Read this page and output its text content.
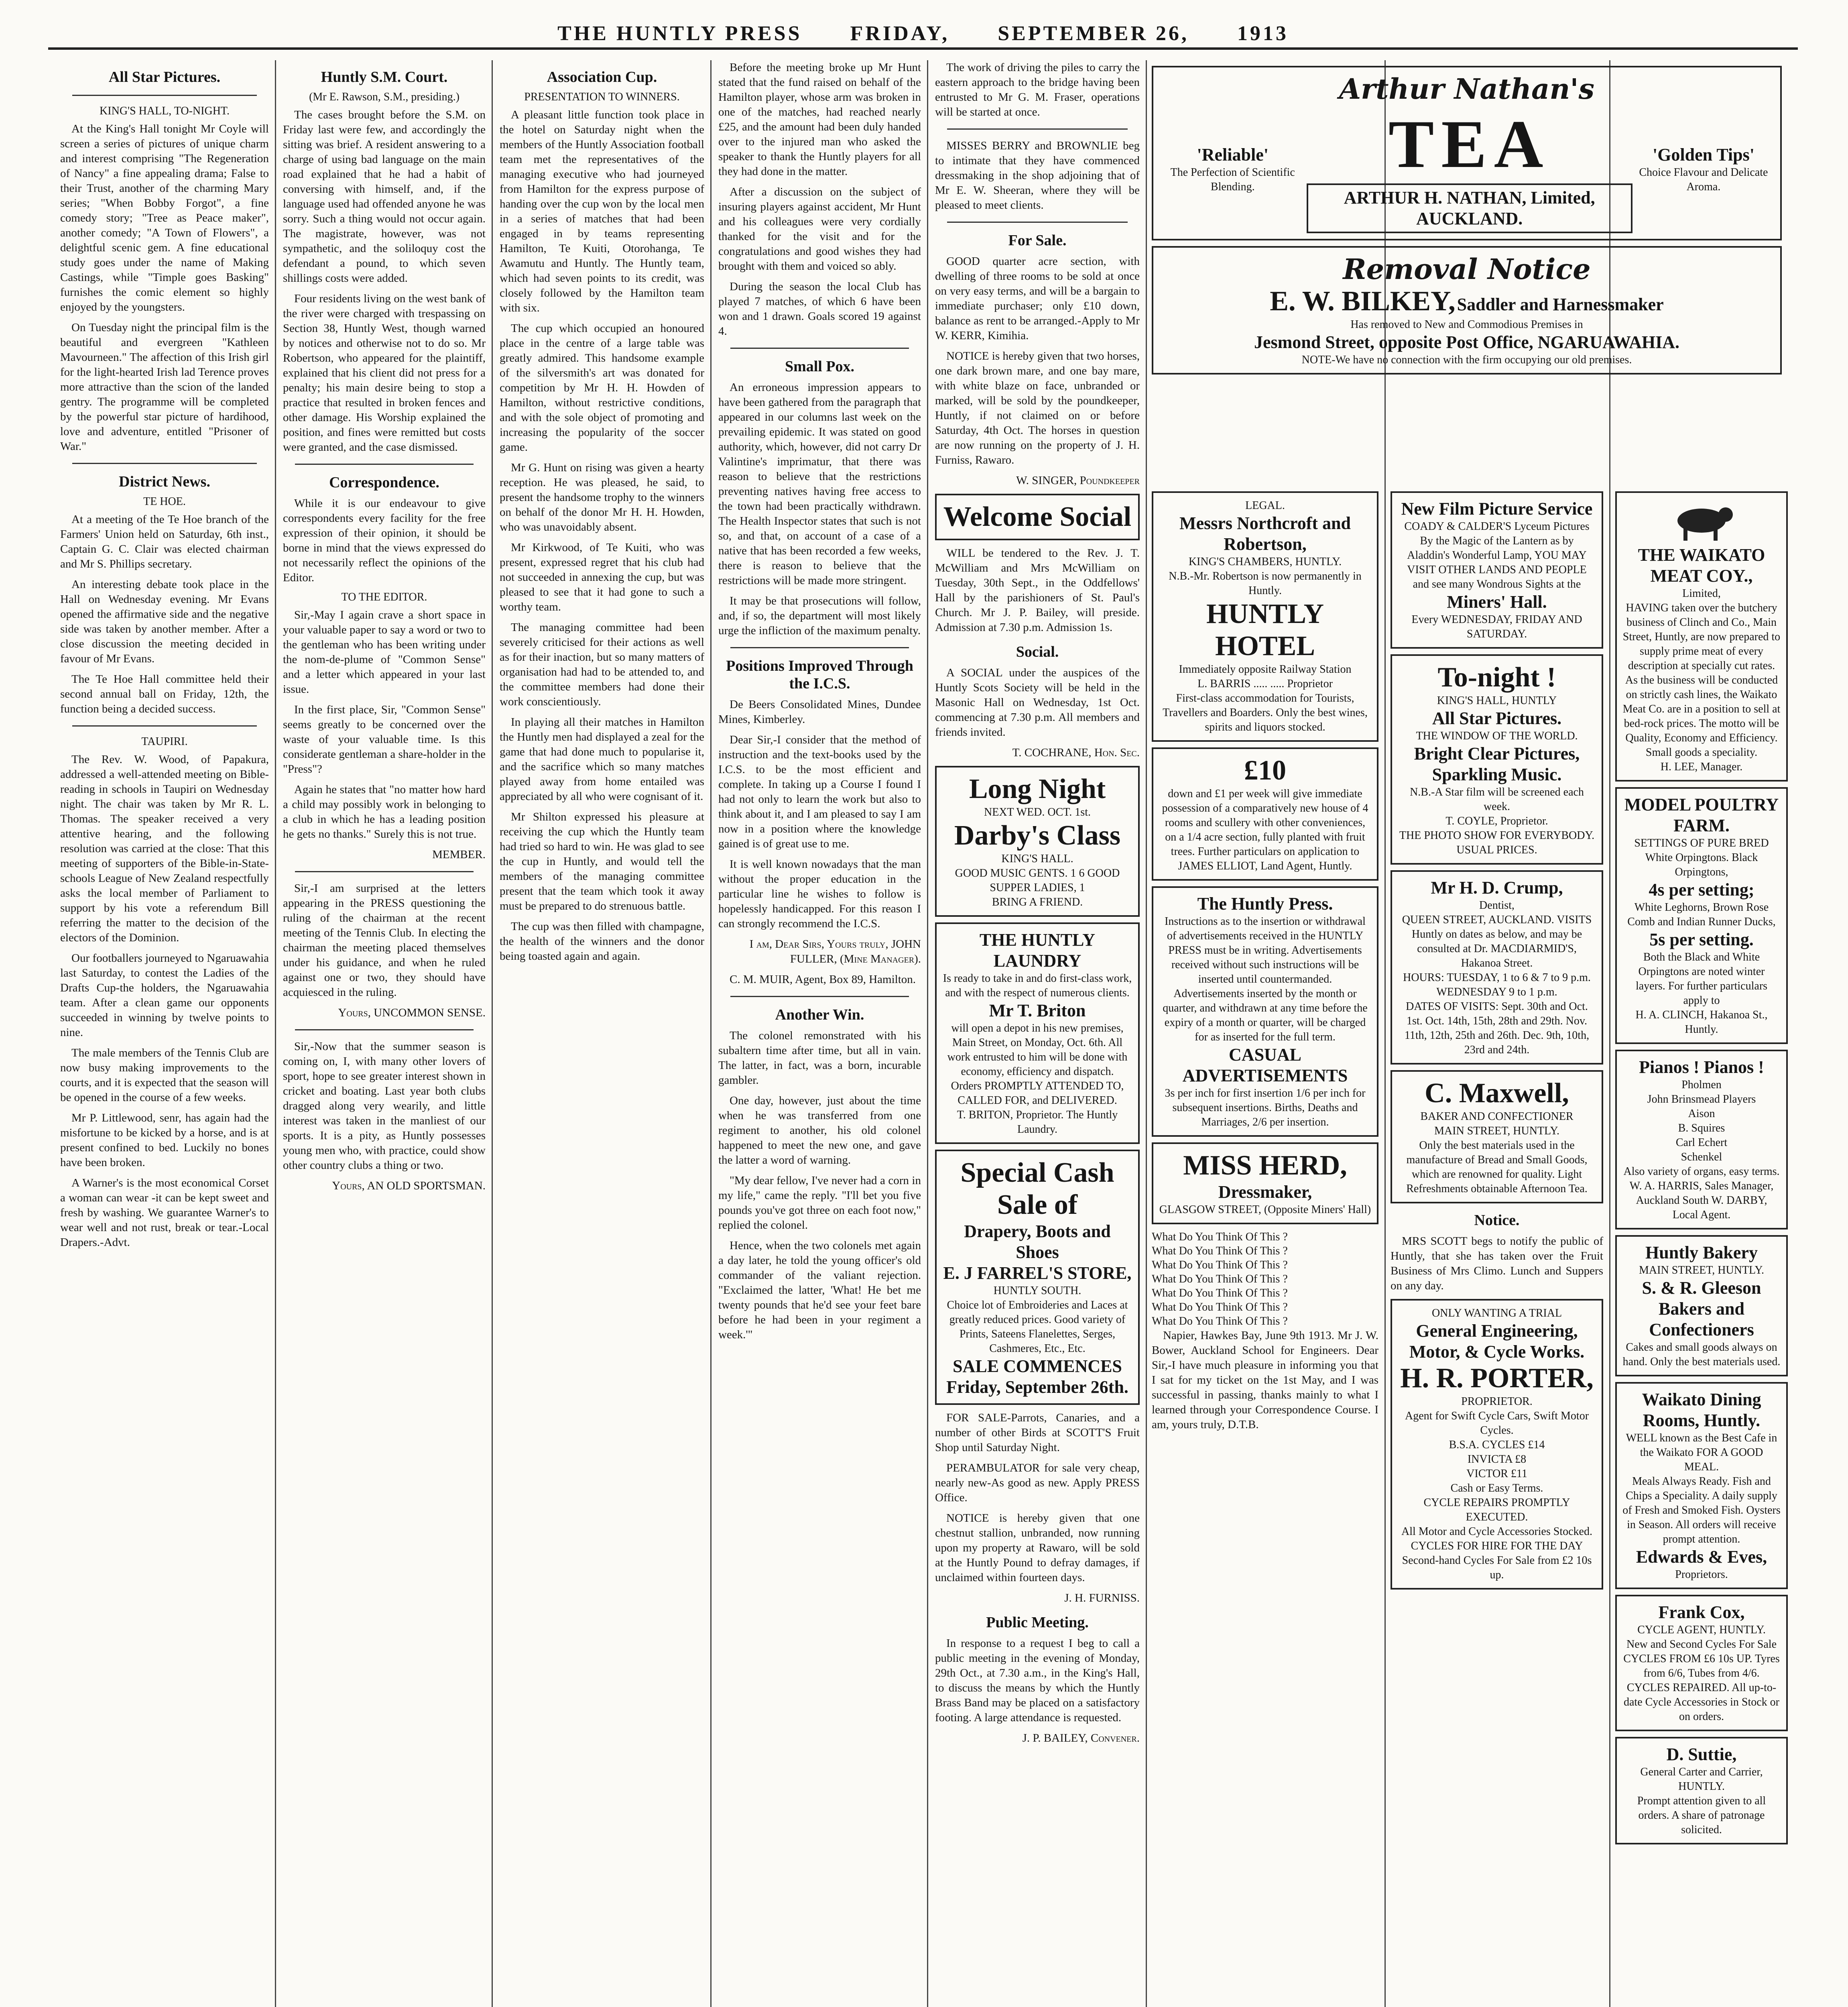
THE HUNTLY PRESS FRIDAY, SEPTEMBER 26, 1913
All Star Pictures.
KING'S HALL, TO-NIGHT.

At the King's Hall tonight Mr Coyle will screen a series of pictures of unique charm and interest comprising "The Regeneration of Nancy" a fine appealing drama; False to their Trust, another of the charming Mary series; "When Bobby Forgot", a fine comedy story; "Tree as Peace maker", another comedy; "A Town of Flowers", a delightful scenic gem. A fine educational study goes under the name of Making Castings, while "Timple goes Basking" furnishes the comic element so highly enjoyed by the youngsters.

On Tuesday night the principal film is the beautiful and evergreen "Kathleen Mavourneen." The affection of this Irish girl for the light-hearted Irish lad Terence proves more attractive than the scion of the landed gentry. The programme will be completed by the powerful star picture of hardihood, love and adventure, entitled "Prisoner of War."

District News.
TE HOE.

At a meeting of the Te Hoe branch of the Farmers' Union held on Saturday, 6th inst., Captain G. C. Clair was elected chairman and Mr S. Phillips secretary.

An interesting debate took place in the Hall on Wednesday evening. Mr Evans opened the affirmative side and the negative side was taken by another member. After a close discussion the meeting decided in favour of Mr Evans.

The Te Hoe Hall committee held their second annual ball on Friday, 12th, the function being a decided success.

TAUPIRI.

The Rev. W. Wood, of Papakura, addressed a well-attended meeting on Bible-reading in schools in Taupiri on Wednesday night. The chair was taken by Mr R. L. Thomas. The speaker received a very attentive hearing, and the following resolution was carried at the close: That this meeting of supporters of the Bible-in-State-schools League of New Zealand respectfully asks the local member of Parliament to support by his vote a referendum Bill referring the matter to the decision of the electors of the Dominion.

Our footballers journeyed to Ngaruawahia last Saturday, to contest the Ladies of the Drafts Cup-the holders, the Ngaruawahia team. After a clean game our opponents succeeded in winning by twelve points to nine.

The male members of the Tennis Club are now busy making improvements to the courts, and it is expected that the season will be opened in the course of a few weeks.

Mr P. Littlewood, senr, has again had the misfortune to be kicked by a horse, and is at present confined to bed. Luckily no bones have been broken.

A Warner's is the most economical Corset a woman can wear -it can be kept sweet and fresh by washing. We guarantee Warner's to wear well and not rust, break or tear.-Local Drapers.-Advt.

Huntly S.M. Court.
(Mr E. Rawson, S.M., presiding.)

The cases brought before the S.M. on Friday last were few, and accordingly the sitting was brief. A resident answering to a charge of using bad language on the main road explained that he had a habit of conversing with himself, and, if the language used had offended anyone he was sorry. Such a thing would not occur again. The magistrate, however, was not sympathetic, and the soliloquy cost the defendant a pound, to which seven shillings costs were added.

Four residents living on the west bank of the river were charged with trespassing on Section 38, Huntly West, though warned by notices and otherwise not to do so. Mr Robertson, who appeared for the plaintiff, explained that his client did not press for a penalty; his main desire being to stop a practice that resulted in broken fences and other damage. His Worship explained the position, and fines were remitted but costs were granted, and the case dismissed.

Correspondence.

While it is our endeavour to give correspondents every facility for the free expression of their opinion, it should be borne in mind that the views expressed do not necessarily reflect the opinions of the Editor.

TO THE EDITOR.

Sir,-May I again crave a short space in your valuable paper to say a word or two to the gentleman who has been writing under the nom-de-plume of "Common Sense" and a letter which appeared in your last issue.

In the first place, Sir, "Common Sense" seems greatly to be concerned over the waste of your valuable time. Is this considerate gentleman a share-holder in the "Press"?

Again he states that "no matter how hard a child may possibly work in belonging to a club in which he has a leading position he gets no thanks." Surely this is not true.

MEMBER.

Sir,-I am surprised at the letters appearing in the PRESS questioning the ruling of the chairman at the recent meeting of the Tennis Club. In electing the chairman the meeting placed themselves under his guidance, and when he ruled against one or two, they should have acquiesced in the ruling.

Yours, UNCOMMON SENSE.

Sir,-Now that the summer season is coming on, I, with many other lovers of sport, hope to see greater interest shown in cricket and boating. Last year both clubs dragged along very wearily, and little interest was taken in the manliest of our sports. It is a pity, as Huntly possesses young men who, with practice, could show other country clubs a thing or two.

Yours, AN OLD SPORTSMAN.

Association Cup.
PRESENTATION TO WINNERS.

A pleasant little function took place in the hotel on Saturday night when the members of the Huntly Association football team met the representatives of the managing executive who had journeyed from Hamilton for the express purpose of handing over the cup won by the local men in a series of matches that had been engaged in by teams representing Hamilton, Te Kuiti, Otorohanga, Te Awamutu and Huntly. The Huntly team, which had seven points to its credit, was closely followed by the Hamilton team with six.

The cup which occupied an honoured place in the centre of a large table was greatly admired. This handsome example of the silversmith's art was donated for competition by Mr H. H. Howden of Hamilton, without restrictive conditions, and with the sole object of promoting and increasing the popularity of the soccer game.

Mr G. Hunt on rising was given a hearty reception. He was pleased, he said, to present the handsome trophy to the winners on behalf of the donor Mr H. H. Howden, who was unavoidably absent.

Mr Kirkwood, of Te Kuiti, who was present, expressed regret that his club had not succeeded in annexing the cup, but was pleased to see that it had gone to such a worthy team.

The managing committee had been severely criticised for their actions as well as for their inaction, but so many matters of organisation had had to be attended to, and the committee members had done their work conscientiously.

In playing all their matches in Hamilton the Huntly men had displayed a zeal for the game that had done much to popularise it, and the sacrifice which so many matches played away from home entailed was appreciated by all who were cognisant of it.

Mr Shilton expressed his pleasure at receiving the cup which the Huntly team had tried so hard to win. He was glad to see the cup in Huntly, and would tell the members of the managing committee present that the team which took it away must be prepared to do strenuous battle.

The cup was then filled with champagne, the health of the winners and the donor being toasted again and again.

Before the meeting broke up Mr Hunt stated that the fund raised on behalf of the Hamilton player, whose arm was broken in one of the matches, had reached nearly £25, and the amount had been duly handed over to the injured man who asked the speaker to thank the Huntly players for all they had done in the matter.

After a discussion on the subject of insuring players against accident, Mr Hunt and his colleagues were very cordially thanked for the visit and for the congratulations and good wishes they had brought with them and voiced so ably.

During the season the local Club has played 7 matches, of which 6 have been won and 1 drawn. Goals scored 19 against 4.

Small Pox.

An erroneous impression appears to have been gathered from the paragraph that appeared in our columns last week on the prevailing epidemic. It was stated on good authority, which, however, did not carry Dr Valintine's imprimatur, that there was reason to believe that the restrictions preventing natives having free access to the town had been practically withdrawn. The Health Inspector states that such is not so, and that, on account of a case of a native that has been recorded a few weeks, there is reason to believe that the restrictions will be made more stringent.

It may be that prosecutions will follow, and, if so, the department will most likely urge the infliction of the maximum penalty.

Positions Improved Through the I.C.S.

De Beers Consolidated Mines, Dundee Mines, Kimberley.

Dear Sir,-I consider that the method of instruction and the text-books used by the I.C.S. to be the most efficient and complete. In taking up a Course I found I had not only to learn the work but also to think about it, and I am pleased to say I am now in a position where the knowledge gained is of great use to me.

It is well known nowadays that the man without the proper education in the particular line he wishes to follow is hopelessly handicapped. For this reason I can strongly recommend the I.C.S.

I am, Dear Sirs, Yours truly, JOHN FULLER, (Mine Manager).

C. M. MUIR, Agent, Box 89, Hamilton.

Another Win.

The colonel remonstrated with his subaltern time after time, but all in vain. The latter, in fact, was a born, incurable gambler.

One day, however, just about the time when he was transferred from one regiment to another, his old colonel happened to meet the new one, and gave the latter a word of warning.

"My dear fellow, I've never had a corn in my life," came the reply. "I'll bet you five pounds you've got three on each foot now," replied the colonel.

Hence, when the two colonels met again a day later, he told the young officer's old commander of the valiant rejection. "Exclaimed the latter, 'What! He bet me twenty pounds that he'd see your feet bare before he had been in your regiment a week.'"

The work of driving the piles to carry the eastern approach to the bridge having been entrusted to Mr G. M. Fraser, operations will be started at once.

MISSES BERRY and BROWNLIE beg to intimate that they have commenced dressmaking in the shop adjoining that of Mr E. W. Sheeran, where they will be pleased to meet clients.

For Sale.

GOOD quarter acre section, with dwelling of three rooms to be sold at once on very easy terms, and will be a bargain to immediate purchaser; only £10 down, balance as rent to be arranged.-Apply to Mr W. KERR, Kimihia.

NOTICE is hereby given that two horses, one dark brown mare, and one bay mare, with white blaze on face, unbranded or marked, will be sold by the poundkeeper, Huntly, if not claimed on or before Saturday, 4th Oct. The horses in question are now running on the property of J. H. Furniss, Rawaro.

W. SINGER, Poundkeeper

Welcome Social

WILL be tendered to the Rev. J. T. McWilliam and Mrs McWilliam on Tuesday, 30th Sept., in the Oddfellows' Hall by the parishioners of St. Paul's Church. Mr J. P. Bailey, will preside. Admission at 7.30 p.m. Admission 1s.

Social.

A SOCIAL under the auspices of the Huntly Scots Society will be held in the Masonic Hall on Wednesday, 1st Oct. commencing at 7.30 p.m. All members and friends invited.

T. COCHRANE, Hon. Sec.

Long Night
NEXT WED. OCT. 1st.
Darby's Class
KING'S HALL.
GOOD MUSIC GENTS. 1 6 GOOD SUPPER LADIES, 1
BRING A FRIEND.
THE HUNTLY LAUNDRY
Is ready to take in and do first-class work, and with the respect of numerous clients.
Mr T. Briton
will open a depot in his new premises, Main Street, on Monday, Oct. 6th. All work entrusted to him will be done with economy, efficiency and dispatch.
Orders PROMPTLY ATTENDED TO, CALLED FOR, and DELIVERED.
T. BRITON, Proprietor. The Huntly Laundry.
Special Cash
Sale of
Drapery, Boots and Shoes
E. J FARREL'S STORE,
HUNTLY SOUTH.
Choice lot of Embroideries and Laces at greatly reduced prices. Good variety of Prints, Sateens Flanelettes, Serges, Cashmeres, Etc., Etc.
SALE COMMENCES
Friday, September 26th.

FOR SALE-Parrots, Canaries, and a number of other Birds at SCOTT'S Fruit Shop until Saturday Night.

PERAMBULATOR for sale very cheap, nearly new-As good as new. Apply PRESS Office.

NOTICE is hereby given that one chestnut stallion, unbranded, now running upon my property at Rawaro, will be sold at the Huntly Pound to defray damages, if unclaimed within fourteen days.

J. H. FURNISS.

Public Meeting.

In response to a request I beg to call a public meeting in the evening of Monday, 29th Oct., at 7.30 a.m., in the King's Hall, to discuss the means by which the Huntly Brass Band may be placed on a satisfactory footing. A large attendance is requested.

J. P. BAILEY, Convener.

Arthur Nathan's
'Reliable'
The Perfection of Scientific Blending.
TEA
ARTHUR H. NATHAN, Limited, AUCKLAND.
'Golden Tips'
Choice Flavour and Delicate Aroma.
Removal Notice
E. W. BILKEY, Saddler and Harnessmaker
Has removed to New and Commodious Premises in
Jesmond Street, opposite Post Office, NGARUAWAHIA.
NOTE-We have no connection with the firm occupying our old premises.
LEGAL.
Messrs Northcroft and Robertson,
KING'S CHAMBERS, HUNTLY.
N.B.-Mr. Robertson is now permanently in Huntly.
HUNTLY HOTEL
Immediately opposite Railway Station
L. BARRIS ..... ..... Proprietor
First-class accommodation for Tourists, Travellers and Boarders. Only the best wines, spirits and liquors stocked.
£10
down and £1 per week will give immediate possession of a comparatively new house of 4 rooms and scullery with other conveniences, on a 1/4 acre section, fully planted with fruit trees. Further particulars on application to JAMES ELLIOT, Land Agent, Huntly.
The Huntly Press.
Instructions as to the insertion or withdrawal of advertisements received in the HUNTLY PRESS must be in writing. Advertisements received without such instructions will be inserted until countermanded.
Advertisements inserted by the month or quarter, and withdrawn at any time before the expiry of a month or quarter, will be charged for as inserted for the full term.
CASUAL ADVERTISEMENTS
3s per inch for first insertion 1/6 per inch for subsequent insertions. Births, Deaths and Marriages, 2/6 per insertion.
MISS HERD,
Dressmaker,
GLASGOW STREET, (Opposite Miners' Hall)

What Do You Think Of This ?

What Do You Think Of This ?

What Do You Think Of This ?

What Do You Think Of This ?

What Do You Think Of This ?

What Do You Think Of This ?

What Do You Think Of This ?

Napier, Hawkes Bay, June 9th 1913. Mr J. W. Bower, Auckland School for Engineers. Dear Sir,-I have much pleasure in informing you that I sat for my ticket on the 1st May, and I was successful in passing, thanks mainly to what I learned through your Correspondence Course. I am, yours truly, D.T.B.

New Film Picture Service
COADY & CALDER'S Lyceum Pictures
By the Magic of the Lantern as by Aladdin's Wonderful Lamp, YOU MAY VISIT OTHER LANDS AND PEOPLE and see many Wondrous Sights at the
Miners' Hall.
Every WEDNESDAY, FRIDAY AND SATURDAY.
To-night !
KING'S HALL, HUNTLY
All Star Pictures.
THE WINDOW OF THE WORLD.
Bright Clear Pictures, Sparkling Music.
N.B.-A Star film will be screened each week.
T. COYLE, Proprietor.
THE PHOTO SHOW FOR EVERYBODY.
USUAL PRICES.
Mr H. D. Crump,
Dentist,
QUEEN STREET, AUCKLAND. VISITS Huntly on dates as below, and may be consulted at Dr. MACDIARMID'S, Hakanoa Street.
HOURS: TUESDAY, 1 to 6 & 7 to 9 p.m. WEDNESDAY 9 to 1 p.m.
DATES OF VISITS: Sept. 30th and Oct. 1st. Oct. 14th, 15th, 28th and 29th. Nov. 11th, 12th, 25th and 26th. Dec. 9th, 10th, 23rd and 24th.
C. Maxwell,
BAKER AND CONFECTIONER
MAIN STREET, HUNTLY.
Only the best materials used in the manufacture of Bread and Small Goods, which are renowned for quality. Light Refreshments obtainable Afternoon Tea.
Notice.

MRS SCOTT begs to notify the public of Huntly, that she has taken over the Fruit Business of Mrs Climo. Lunch and Suppers on any day.

ONLY WANTING A TRIAL
General Engineering, Motor, & Cycle Works.
H. R. PORTER,
PROPRIETOR.
Agent for Swift Cycle Cars, Swift Motor Cycles.
B.S.A. CYCLES £14
INVICTA £8
VICTOR £11
Cash or Easy Terms.
CYCLE REPAIRS PROMPTLY EXECUTED.
All Motor and Cycle Accessories Stocked.
CYCLES FOR HIRE FOR THE DAY
Second-hand Cycles For Sale from £2 10s up.
THE WAIKATO MEAT COY.,
Limited,
HAVING taken over the butchery business of Clinch and Co., Main Street, Huntly, are now prepared to supply prime meat of every description at specially cut rates. As the business will be conducted on strictly cash lines, the Waikato Meat Co. are in a position to sell at bed-rock prices. The motto will be Quality, Economy and Efficiency. Small goods a speciality.
H. LEE, Manager.
MODEL POULTRY FARM.
SETTINGS OF PURE BRED
White Orpingtons. Black Orpingtons,
4s per setting;
White Leghorns, Brown Rose Comb and Indian Runner Ducks,
5s per setting.
Both the Black and White Orpingtons are noted winter layers. For further particulars apply to
H. A. CLINCH, Hakanoa St., Huntly.
Pianos ! Pianos !
Pholmen
John Brinsmead Players
Aison
B. Squires
Carl Echert
Schenkel
Also variety of organs, easy terms.
W. A. HARRIS, Sales Manager, Auckland South W. DARBY, Local Agent.
Huntly Bakery
MAIN STREET, HUNTLY.
S. & R. Gleeson
Bakers and Confectioners
Cakes and small goods always on hand. Only the best materials used.
Waikato Dining Rooms, Huntly.
WELL known as the Best Cafe in the Waikato FOR A GOOD MEAL.
Meals Always Ready. Fish and Chips a Speciality. A daily supply of Fresh and Smoked Fish. Oysters in Season. All orders will receive prompt attention.
Edwards & Eves,
Proprietors.
Frank Cox,
CYCLE AGENT, HUNTLY.
New and Second Cycles For Sale CYCLES FROM £6 10s UP. Tyres from 6/6, Tubes from 4/6. CYCLES REPAIRED. All up-to-date Cycle Accessories in Stock or on orders.
D. Suttie,
General Carter and Carrier, HUNTLY.
Prompt attention given to all orders. A share of patronage solicited.
